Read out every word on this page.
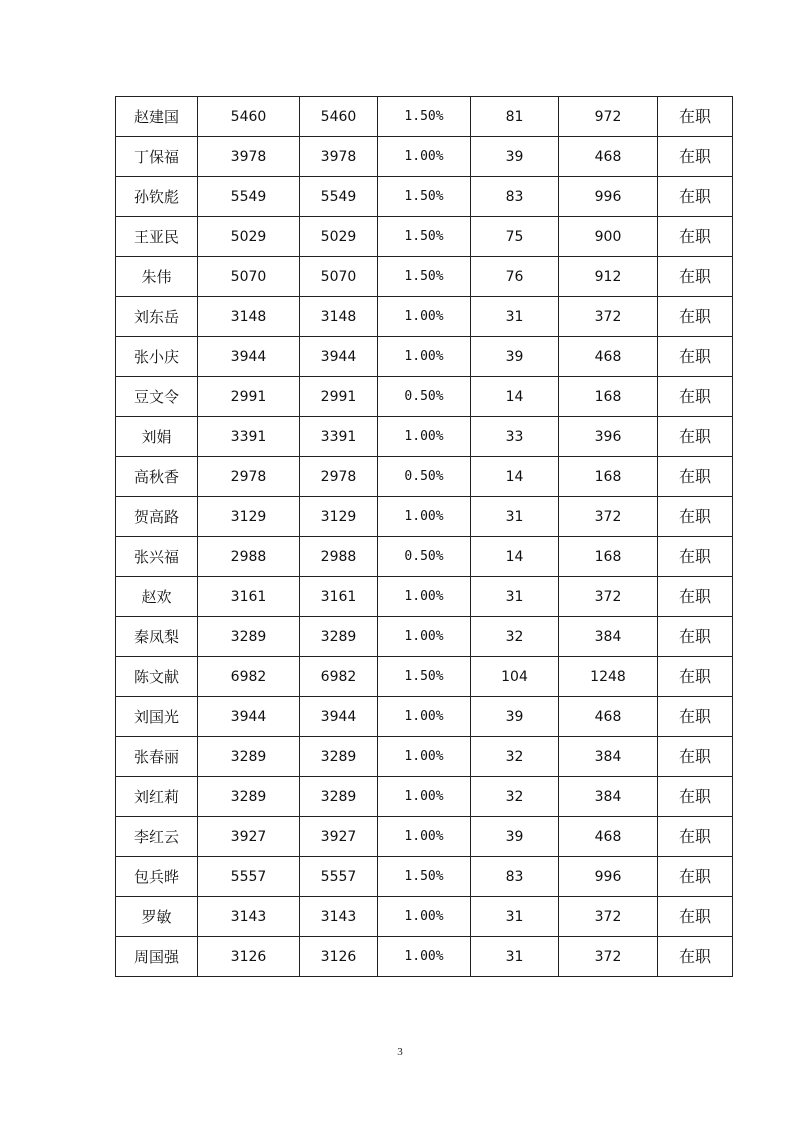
赵建国	5460	5460	1.50%	81	972	在职
丁保福	3978	3978	1.00%	39	468	在职
孙钦彪	5549	5549	1.50%	83	996	在职
王亚民	5029	5029	1.50%	75	900	在职
朱伟	5070	5070	1.50%	76	912	在职
刘东岳	3148	3148	1.00%	31	372	在职
张小庆	3944	3944	1.00%	39	468	在职
豆文令	2991	2991	0.50%	14	168	在职
刘娟	3391	3391	1.00%	33	396	在职
高秋香	2978	2978	0.50%	14	168	在职
贺高路	3129	3129	1.00%	31	372	在职
张兴福	2988	2988	0.50%	14	168	在职
赵欢	3161	3161	1.00%	31	372	在职
秦凤梨	3289	3289	1.00%	32	384	在职
陈文献	6982	6982	1.50%	104	1248	在职
刘国光	3944	3944	1.00%	39	468	在职
张春丽	3289	3289	1.00%	32	384	在职
刘红莉	3289	3289	1.00%	32	384	在职
李红云	3927	3927	1.00%	39	468	在职
包兵晔	5557	5557	1.50%	83	996	在职
罗敏	3143	3143	1.00%	31	372	在职
周国强	3126	3126	1.00%	31	372	在职
3
